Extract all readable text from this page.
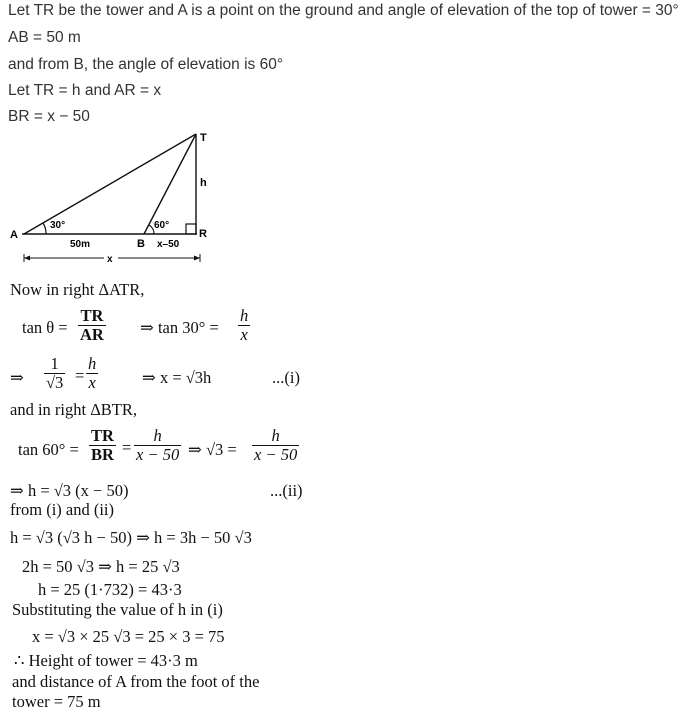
Let TR be the tower and A is a point on the ground and angle of elevation of the top of tower = 30°
AB = 50 m
and from B, the angle of elevation is 60°
Let TR = h and AR = x
BR = x − 50
T
h
A
B
R
30°	60°
50m	x–50
x
Now in right ΔATR,
$\tan \theta = \frac{TR}{AR}$ ⇒ $\tan 30^\circ = \frac{h}{x}$
⇒ $\frac{1}{√3} = \frac{h}{x}$	⇒ x = √3h	...(i)
and in right ΔBTR,
$\tan 60^\circ = \frac{TR}{BR} = \frac{h}{x - 50}$ ⇒ $√3 = \frac{h}{x - 50}$
⇒ h = √3 (x − 50)	...(ii)
from (i) and (ii)
h = √3 (√3 h − 50) ⇒ h = 3h − 50 √3
2h = 50 √3 ⇒ h = 25 √3
h = 25 (1·732) = 43·3
Substituting the value of h in (i)
x = √3 × 25 √3 = 25 × 3 = 75
∴ Height of tower = 43·3 m
and distance of A from the foot of the
tower = 75 m
